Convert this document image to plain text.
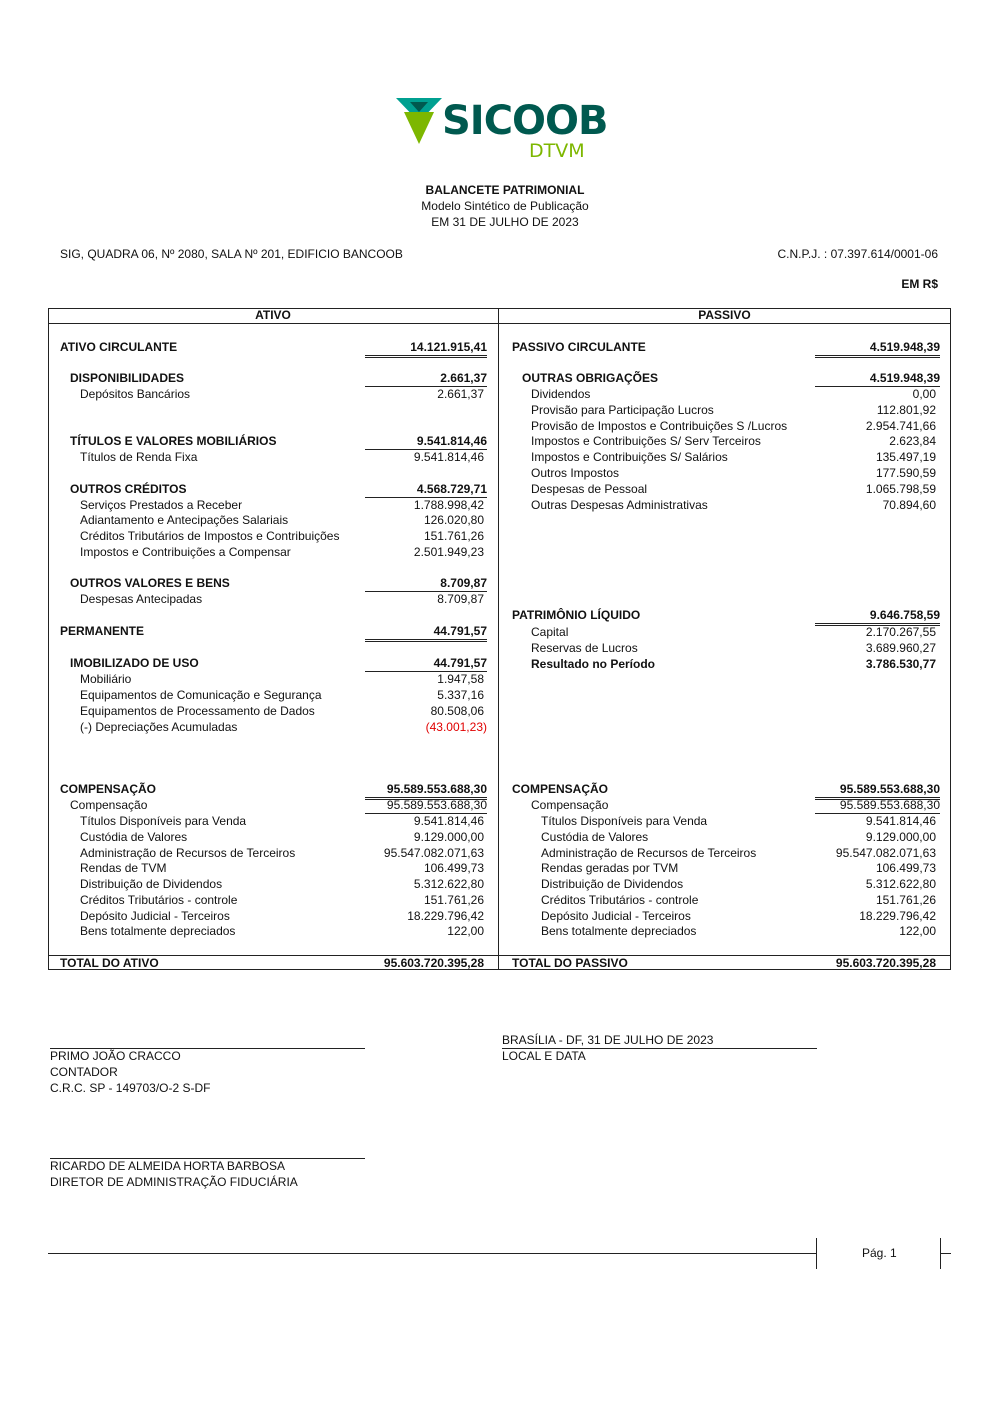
SICOOB
DTVM
BALANCETE PATRIMONIAL
Modelo Sintético de Publicação
EM 31 DE JULHO DE 2023
SIG, QUADRA 06, Nº 2080, SALA Nº 201, EDIFICIO BANCOOB	C.N.P.J. : 07.397.614/0001-06
EM R$
ATIVO	PASSIVO
ATIVO CIRCULANTE	14.121.915,41
DISPONIBILIDADES	2.661,37
Depósitos Bancários	2.661,37
TÍTULOS E VALORES MOBILIÁRIOS	9.541.814,46
Títulos de Renda Fixa	9.541.814,46
OUTROS CRÉDITOS	4.568.729,71
Serviços Prestados a Receber	1.788.998,42
Adiantamento e Antecipações Salariais	126.020,80
Créditos Tributários de Impostos e Contribuições	151.761,26
Impostos e Contribuições a Compensar	2.501.949,23
OUTROS VALORES E BENS	8.709,87
Despesas Antecipadas	8.709,87
PERMANENTE	44.791,57
IMOBILIZADO DE USO	44.791,57
Mobiliário	1.947,58
Equipamentos de Comunicação e Segurança	5.337,16
Equipamentos de Processamento de Dados	80.508,06
(-) Depreciações Acumuladas	(43.001,23)
COMPENSAÇÃO	95.589.553.688,30
Compensação	95.589.553.688,30
Títulos Disponíveis para Venda	9.541.814,46
Custódia de Valores	9.129.000,00
Administração de Recursos de Terceiros	95.547.082.071,63
Rendas de TVM	106.499,73
Distribuição de Dividendos	5.312.622,80
Créditos Tributários - controle	151.761,26
Depósito Judicial - Terceiros	18.229.796,42
Bens totalmente depreciados	122,00
TOTAL DO ATIVO	95.603.720.395,28
PASSIVO CIRCULANTE	4.519.948,39
OUTRAS OBRIGAÇÕES	4.519.948,39
Dividendos	0,00
Provisão para Participação Lucros	112.801,92
Provisão de Impostos e Contribuições S /Lucros	2.954.741,66
Impostos e Contribuições S/ Serv Terceiros	2.623,84
Impostos e Contribuições S/ Salários	135.497,19
Outros Impostos	177.590,59
Despesas de Pessoal	1.065.798,59
Outras Despesas Administrativas	70.894,60
PATRIMÔNIO LÍQUIDO	9.646.758,59
Capital	2.170.267,55
Reservas de Lucros	3.689.960,27
Resultado no Período	3.786.530,77
COMPENSAÇÃO	95.589.553.688,30
Compensação	95.589.553.688,30
Títulos Disponíveis para Venda	9.541.814,46
Custódia de Valores	9.129.000,00
Administração de Recursos de Terceiros	95.547.082.071,63
Rendas geradas por TVM	106.499,73
Distribuição de Dividendos	5.312.622,80
Créditos Tributários - controle	151.761,26
Depósito Judicial - Terceiros	18.229.796,42
Bens totalmente depreciados	122,00
TOTAL DO PASSIVO	95.603.720.395,28
BRASÍLIA - DF, 31 DE JULHO DE 2023
LOCAL E DATA
PRIMO JOÃO CRACCO
CONTADOR
C.R.C. SP - 149703/O-2 S-DF
RICARDO DE ALMEIDA HORTA BARBOSA
DIRETOR DE ADMINISTRAÇÃO FIDUCIÁRIA
Pág. 1
